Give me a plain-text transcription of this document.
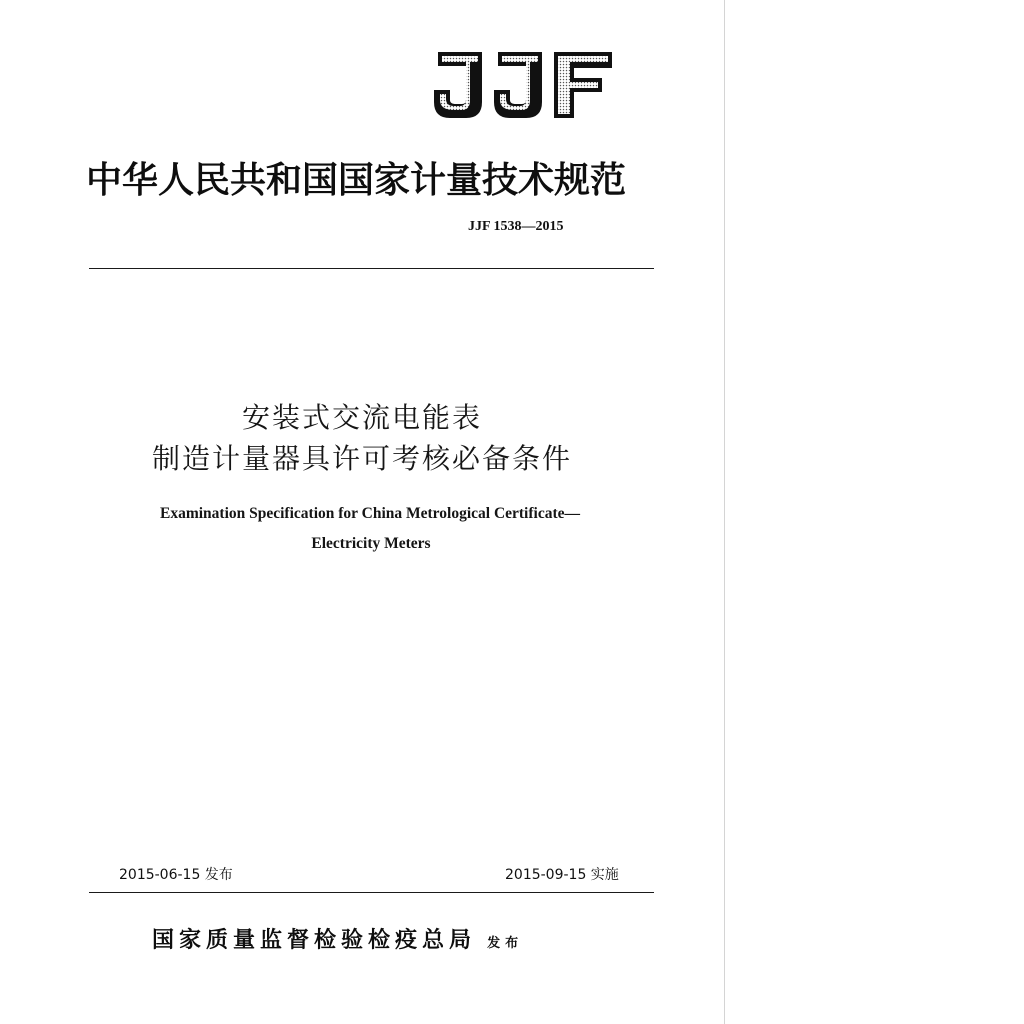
中华人民共和国国家计量技术规范
JJF 1538—2015
安装式交流电能表
制造计量器具许可考核必备条件
Examination Specification for China Metrological Certificate—
Electricity Meters
2015-06-15 发布	2015-09-15 实施
国家质量监督检验检疫总局 发布
